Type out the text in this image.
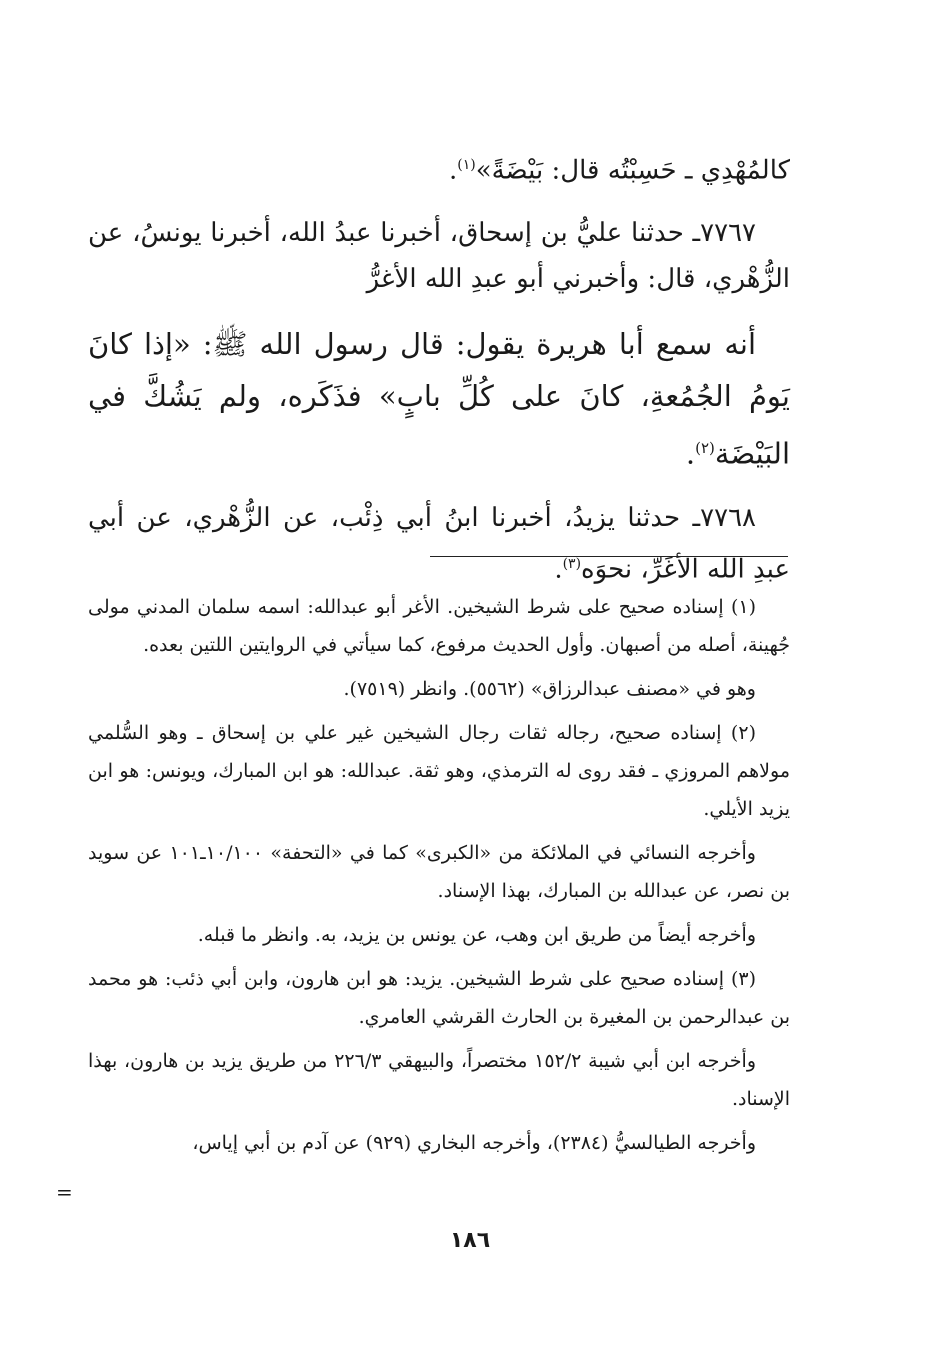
كالمُهْدِي ـ حَسِبْتُه قال: بَيْضَةً»$^{(١)}$.

٧٧٦٧ـ حدثنا عليُّ بن إسحاق، أخبرنا عبدُ الله، أخبرنا يونسُ، عن الزُّهْري، قال: وأخبرني أبو عبدِ الله الأغرُّ

أنه سمع أبا هريرة يقول: قال رسول الله ﷺ: «إذا كانَ يَومُ الجُمُعةِ، كانَ على كُلِّ بابٍ» فذَكَره، ولم يَشُكَّ في البَيْضَة$^{(٢)}$.

٧٧٦٨ـ حدثنا يزيدُ، أخبرنا ابنُ أبي ذِئْب، عن الزُّهْري، عن أبي عبدِ الله الأغَرِّ، نحوَه$^{(٣)}$.

(١) إسناده صحيح على شرط الشيخين. الأغر أبو عبدالله: اسمه سلمان المدني مولى جُهينة، أصله من أصبهان. وأول الحديث مرفوع، كما سيأتي في الروايتين اللتين بعده.

وهو في «مصنف عبدالرزاق» (٥٥٦٢). وانظر (٧٥١٩).

(٢) إسناده صحيح، رجاله ثقات رجال الشيخين غير علي بن إسحاق ـ وهو السُّلمي مولاهم المروزي ـ فقد روى له الترمذي، وهو ثقة. عبدالله: هو ابن المبارك، ويونس: هو ابن يزيد الأيلي.

وأخرجه النسائي في الملائكة من «الكبرى» كما في «التحفة» ١٠/١٠٠ـ١٠١ عن سويد بن نصر، عن عبدالله بن المبارك، بهذا الإسناد.

وأخرجه أيضاً من طريق ابن وهب، عن يونس بن يزيد، به. وانظر ما قبله.

(٣) إسناده صحيح على شرط الشيخين. يزيد: هو ابن هارون، وابن أبي ذئب: هو محمد بن عبدالرحمن بن المغيرة بن الحارث القرشي العامري.

وأخرجه ابن أبي شيبة ١٥٢/٢ مختصراً، والبيهقي ٢٢٦/٣ من طريق يزيد بن هارون، بهذا الإسناد.

وأخرجه الطيالسيُّ (٢٣٨٤)، وأخرجه البخاري (٩٢٩) عن آدم بن أبي إياس،

=
١٨٦
